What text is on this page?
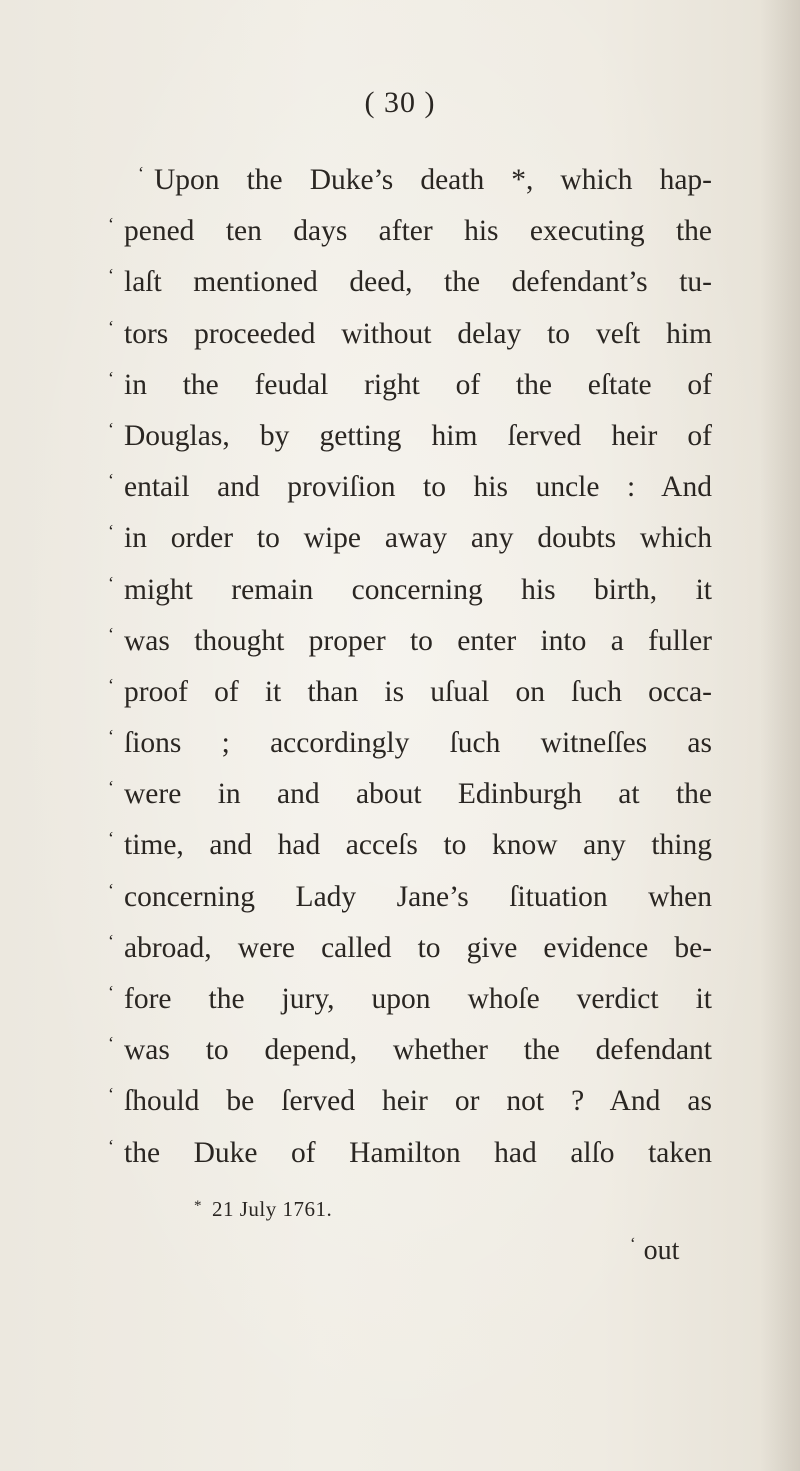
( 30 )
‘ Upon the Duke’s death *, which hap-
‘ pened ten days after his executing the
‘ laſt mentioned deed, the defendant’s tu-
‘ tors proceeded without delay to veſt him
‘ in the feudal right of the eſtate of
‘ Douglas, by getting him ſerved heir of
‘ entail and proviſion to his uncle : And
‘ in order to wipe away any doubts which
‘ might remain concerning his birth, it
‘ was thought proper to enter into a fuller
‘ proof of it than is uſual on ſuch occa-
‘ ſions ; accordingly ſuch witneſſes as
‘ were in and about Edinburgh at the
‘ time, and had acceſs to know any thing
‘ concerning Lady Jane’s ſituation when
‘ abroad, were called to give evidence be-
‘ fore the jury, upon whoſe verdict it
‘ was to depend, whether the defendant
‘ ſhould be ſerved heir or not ? And as
‘ the Duke of Hamilton had alſo taken
* 21 July 1761.
‘ out
